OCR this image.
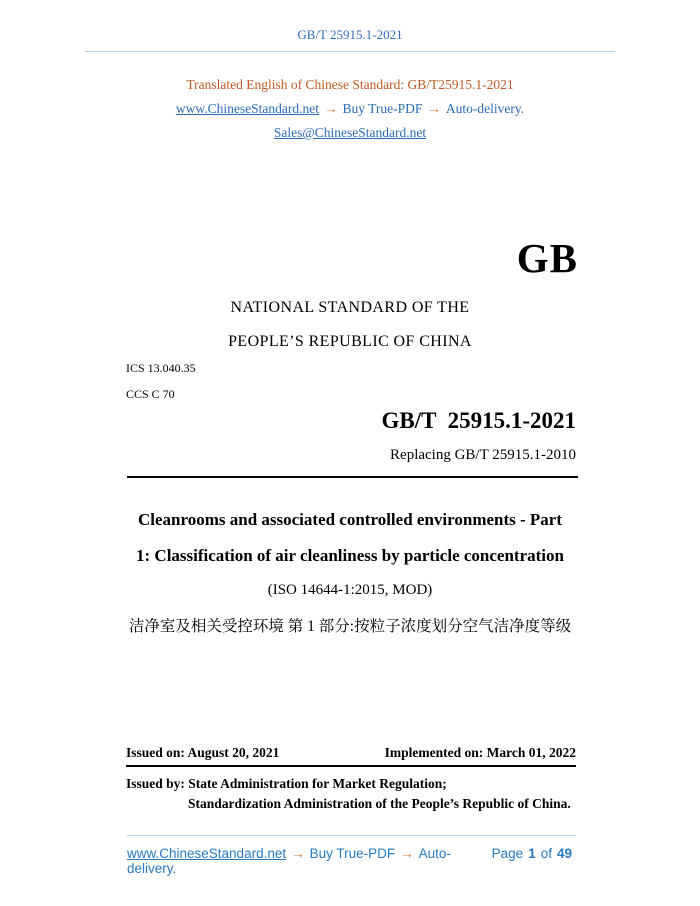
GB/T 25915.1-2021
Translated English of Chinese Standard: GB/T25915.1-2021
www.ChineseStandard.net → Buy True-PDF → Auto-delivery.
Sales@ChineseStandard.net
GB
NATIONAL STANDARD OF THE
PEOPLE’S REPUBLIC OF CHINA
ICS 13.040.35
CCS C 70
GB/T  25915.1-2021
Replacing GB/T 25915.1-2010
Cleanrooms and associated controlled environments - Part
1: Classification of air cleanliness by particle concentration
(ISO 14644-1:2015, MOD)
洁净室及相关受控环境 第 1 部分:按粒子浓度划分空气洁净度等级
Issued on: August 20, 2021	Implemented on: March 01, 2022
Issued by: State Administration for Market Regulation;
Standardization Administration of the People’s Republic of China.
www.ChineseStandard.net → Buy True-PDF → Auto-delivery.
Page 1 of 49
